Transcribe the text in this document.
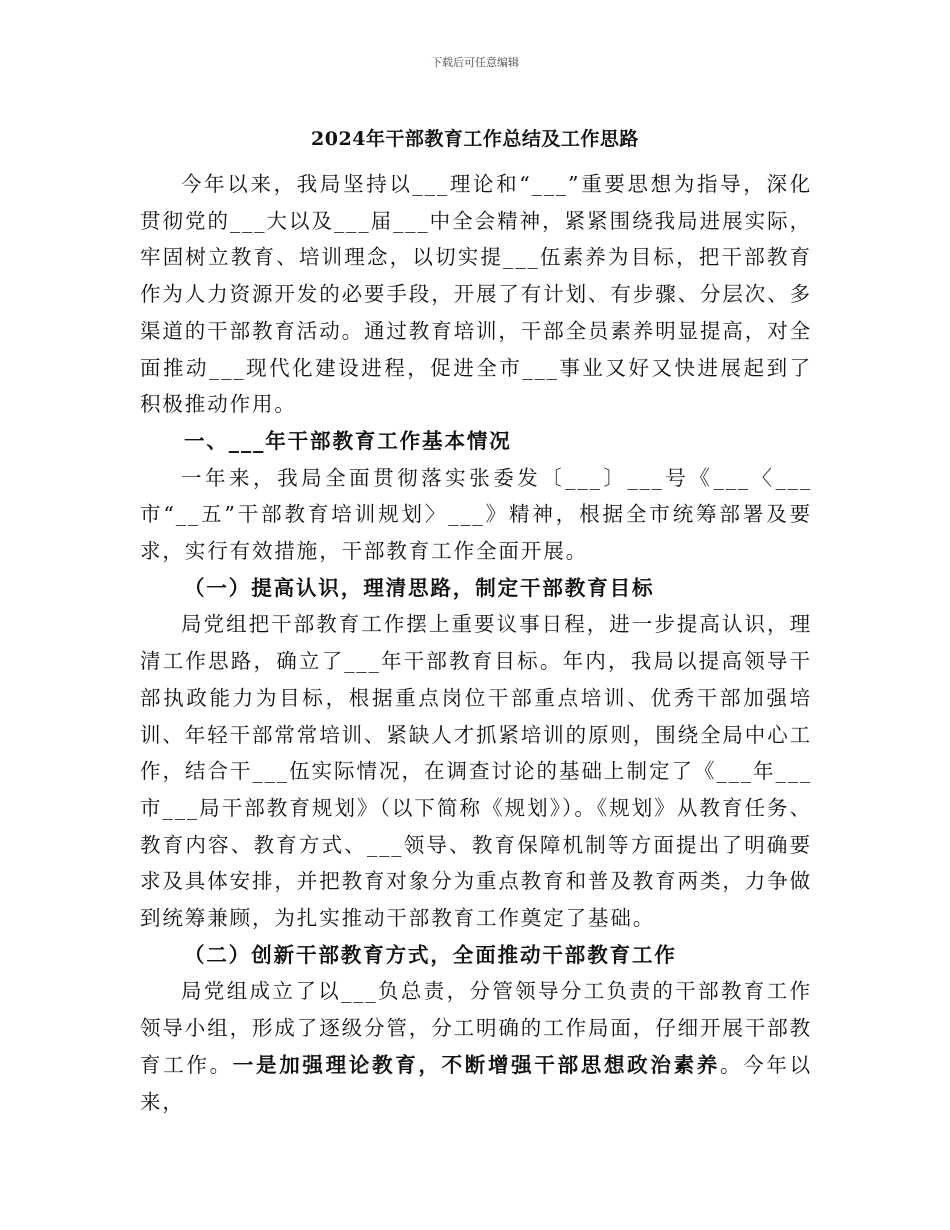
下载后可任意编辑
2024年干部教育工作总结及工作思路

今年以来，我局坚持以___理论和“___”重要思想为指导，深化贯彻党的___大以及___届___中全会精神，紧紧围绕我局进展实际，牢固树立教育、培训理念，以切实提___伍素养为目标，把干部教育作为人力资源开发的必要手段，开展了有计划、有步骤、分层次、多渠道的干部教育活动。通过教育培训，干部全员素养明显提高，对全面推动___现代化建设进程，促进全市___事业又好又快进展起到了积极推动作用。

一、___年干部教育工作基本情况

一年来，我局全面贯彻落实张委发〔___〕___号《___〈___市“__五”干部教育培训规划〉___》精神，根据全市统筹部署及要求，实行有效措施，干部教育工作全面开展。

（一）提高认识，理清思路，制定干部教育目标

局党组把干部教育工作摆上重要议事日程，进一步提高认识，理清工作思路，确立了___年干部教育目标。年内，我局以提高领导干部执政能力为目标，根据重点岗位干部重点培训、优秀干部加强培训、年轻干部常常培训、紧缺人才抓紧培训的原则，围绕全局中心工作，结合干___伍实际情况，在调查讨论的基础上制定了《___年___市___局干部教育规划》（以下简称《规划》）。《规划》从教育任务、教育内容、教育方式、___领导、教育保障机制等方面提出了明确要求及具体安排，并把教育对象分为重点教育和普及教育两类，力争做到统筹兼顾，为扎实推动干部教育工作奠定了基础。

（二）创新干部教育方式，全面推动干部教育工作

局党组成立了以___负总责，分管领导分工负责的干部教育工作领导小组，形成了逐级分管，分工明确的工作局面，仔细开展干部教育工作。一是加强理论教育，不断增强干部思想政治素养。今年以来，
